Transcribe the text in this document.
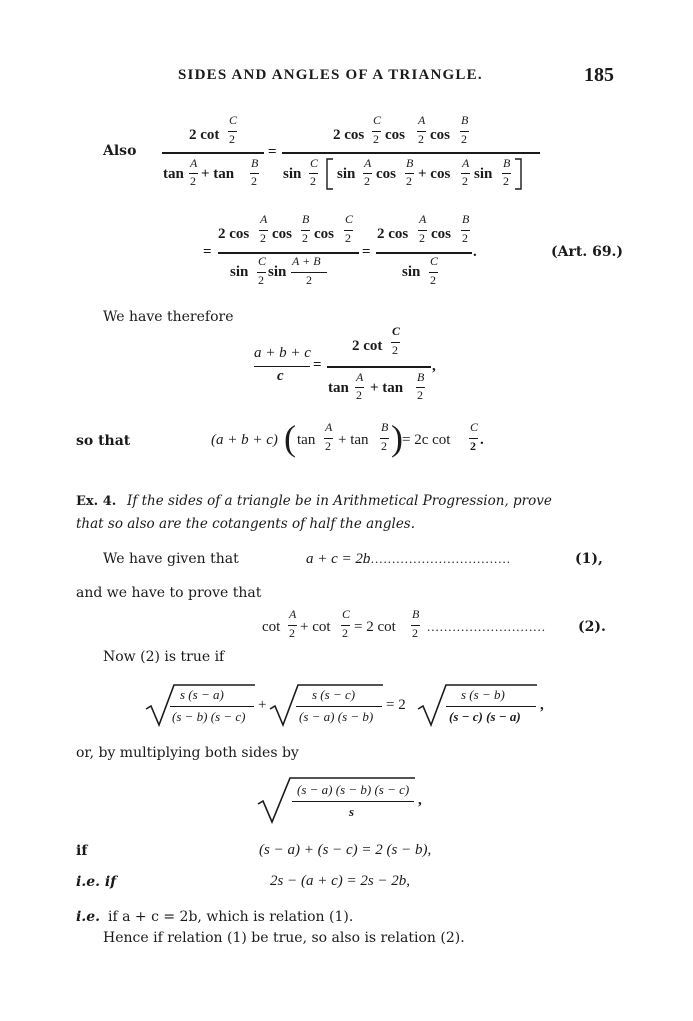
SIDES AND ANGLES OF A TRIANGLE.	185
Also
2 cot
C
2
tan
A
2 + tan
B
2
=
2 cos
C
2 cos
A
2 cos
B
2
sin
C
2 sin
A
2 cos
B
2 + cos
A
2 sin
B
2
=
2 cos
A
2 cos
B
2 cos
C
2
sin
C
2 sin
A + B
2
=
2 cos
A
2 cos
B
2
sin
C
2
.	(Art. 69.)
We have therefore
a + b + c
c
=
2 cot
C
2
tan
A
2 + tan
B
2
,
so that	(a + b + c) ( tan
A
2 + tan
B
2 ) = 2c cot
C
2 .
Ex. 4. If the sides of a triangle be in Arithmetical Progression, prove
that so also are the cotangents of half the angles.
We have given that	a + c = 2b
....................................	(1),
and we have to prove that
cot
A
2 + cot
C
2 = 2 cot
B
2 ............................ (2).
Now (2) is true if
s (s − a)
(s − b) (s − c)
+
s (s − c)
(s − a) (s − b)
= 2
s (s − b)
(s − c) (s − a)
,
or, by multiplying both sides by
(s − a) (s − b) (s − c)
s
,
if	(s − a) + (s − c) = 2 (s − b),
i.e. if	2s − (a + c) = 2s − 2b,
i.e. if a + c = 2b, which is relation (1).
Hence if relation (1) be true, so also is relation (2).
